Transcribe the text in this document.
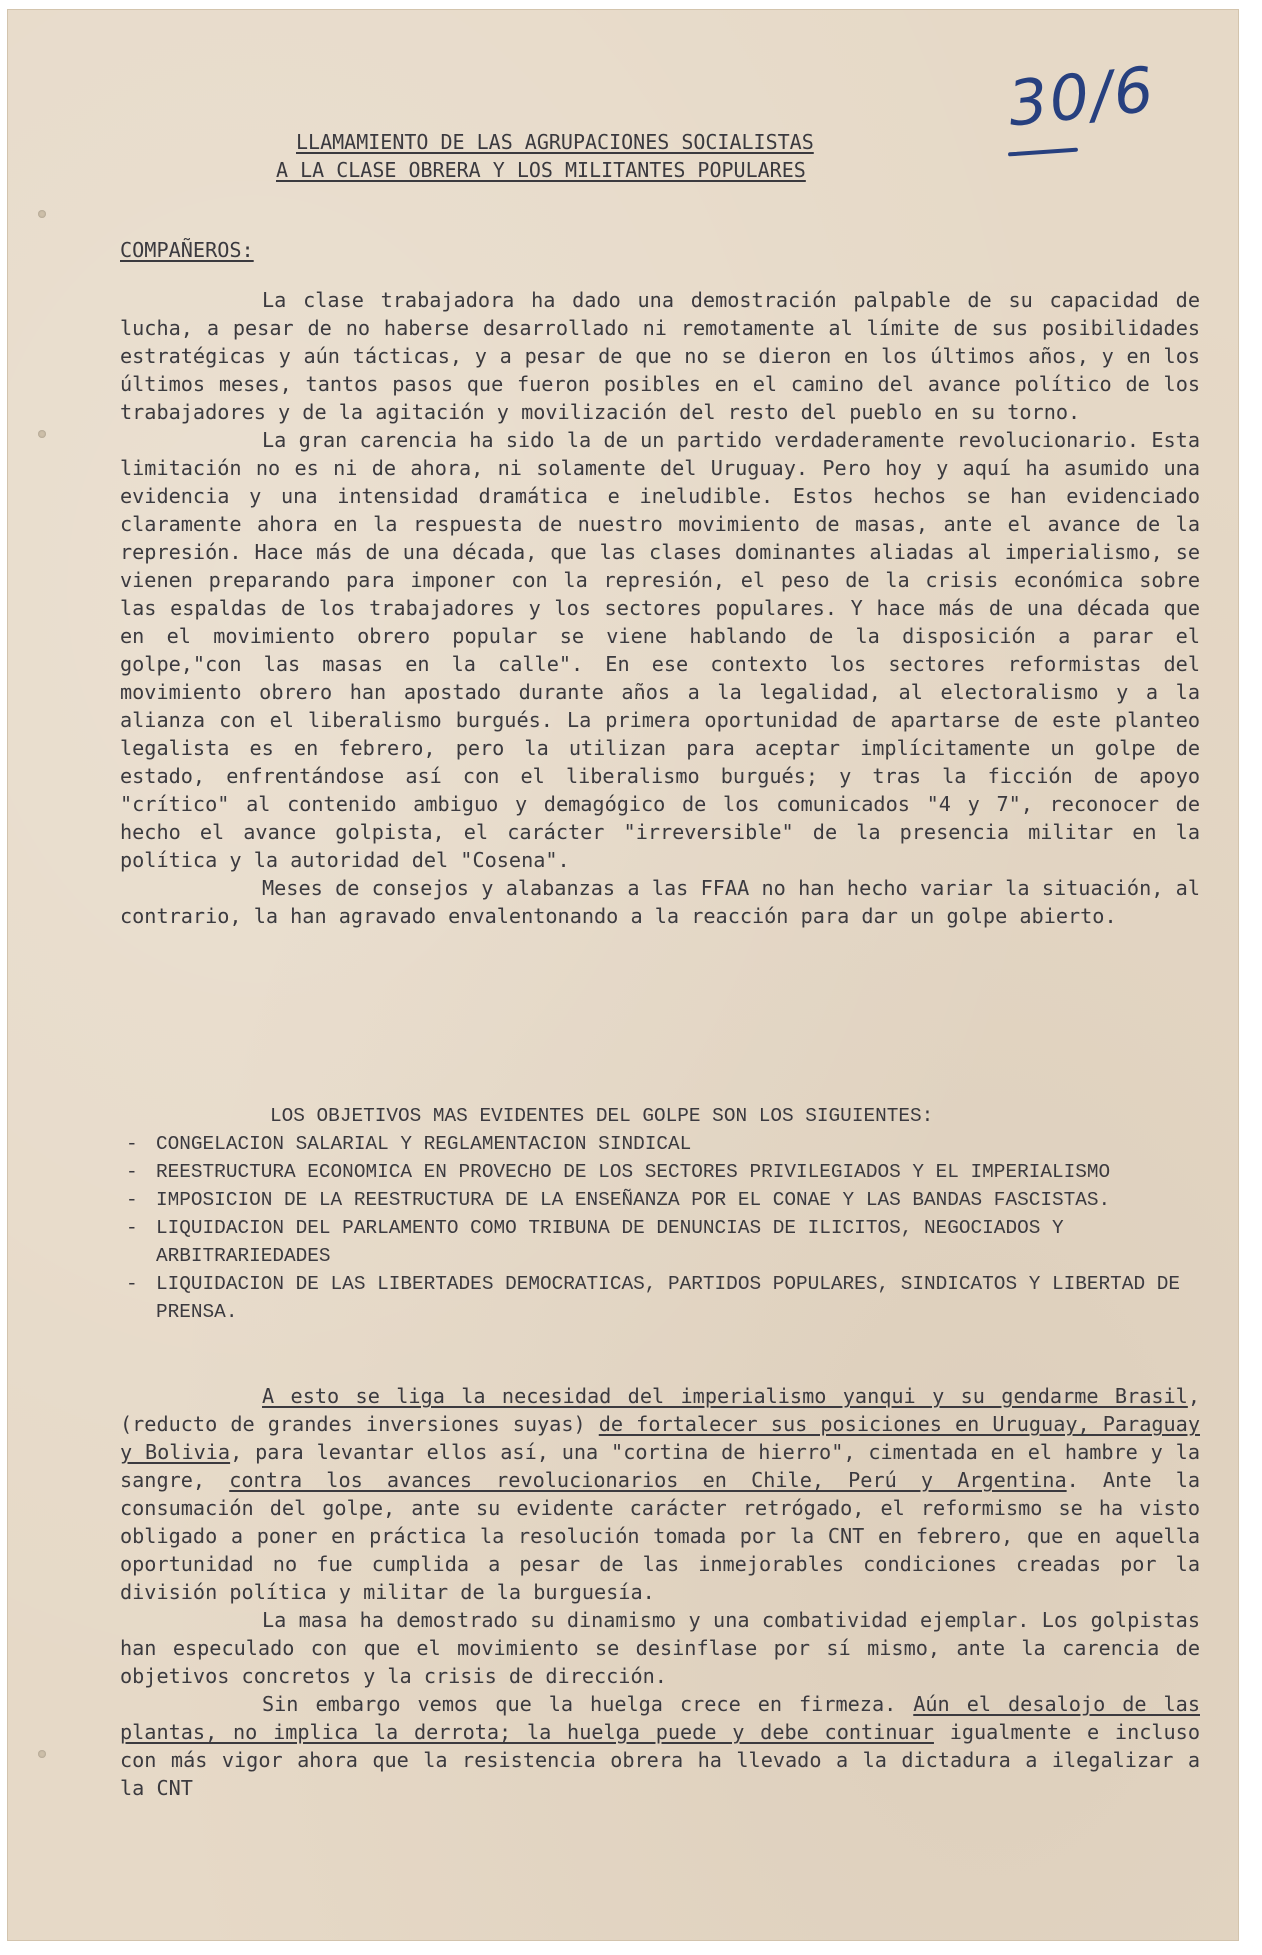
30/6
LLAMAMIENTO DE LAS AGRUPACIONES SOCIALISTAS
A LA CLASE OBRERA Y LOS MILITANTES POPULARES
COMPAÑEROS:

La clase trabajadora ha dado una demostración palpable de su capacidad de lucha, a pesar de no haberse desarrollado ni remotamente al límite de sus posibilidades estratégicas y aún tácticas, y a pesar de que no se dieron en los últimos años, y en los últimos meses, tantos pasos que fueron posibles en el camino del avance político de los trabajadores y de la agitación y movilización del resto del pueblo en su torno.

La gran carencia ha sido la de un partido verdaderamente revolucionario. Esta limitación no es ni de ahora, ni solamente del Uruguay. Pero hoy y aquí ha asumido una evidencia y una intensidad dramática e ineludible. Estos hechos se han evidenciado claramente ahora en la respuesta de nuestro movimiento de masas, ante el avance de la represión. Hace más de una década, que las clases dominantes aliadas al imperialismo, se vienen preparando para imponer con la represión, el peso de la crisis económica sobre las espaldas de los trabajadores y los sectores populares. Y hace más de una década que en el movimiento obrero popular se viene hablando de la disposición a parar el golpe,"con las masas en la calle". En ese contexto los sectores reformistas del movimiento obrero han apostado durante años a la legalidad, al electoralismo y a la alianza con el liberalismo burgués. La primera oportunidad de apartarse de este planteo legalista es en febrero, pero la utilizan para aceptar implícitamente un golpe de estado, enfrentándose así con el liberalismo burgués; y tras la ficción de apoyo "crítico" al contenido ambiguo y demagógico de los comunicados "4 y 7", reconocer de hecho el avance golpista, el carácter "irreversible" de la presencia militar en la política y la autoridad del "Cosena".

Meses de consejos y alabanzas a las FFAA no han hecho variar la situación, al contrario, la han agravado envalentonando a la reacción para dar un golpe abierto.

LOS OBJETIVOS MAS EVIDENTES DEL GOLPE SON LOS SIGUIENTES:
- CONGELACION SALARIAL Y REGLAMENTACION SINDICAL
- REESTRUCTURA ECONOMICA EN PROVECHO DE LOS SECTORES PRIVILEGIADOS Y EL IMPERIALISMO
- IMPOSICION DE LA REESTRUCTURA DE LA ENSEÑANZA POR EL CONAE Y LAS BANDAS FASCISTAS.
- LIQUIDACION DEL PARLAMENTO COMO TRIBUNA DE DENUNCIAS DE ILICITOS, NEGOCIADOS Y ARBITRARIEDADES
- LIQUIDACION DE LAS LIBERTADES DEMOCRATICAS, PARTIDOS POPULARES, SINDICATOS Y LIBERTAD DE PRENSA.

A esto se liga la necesidad del imperialismo yanqui y su gendarme Brasil, (reducto de grandes inversiones suyas) de fortalecer sus posiciones en Uruguay, Paraguay y Bolivia, para levantar ellos así, una "cortina de hierro", cimentada en el hambre y la sangre, contra los avances revolucionarios en Chile, Perú y Argentina. Ante la consumación del golpe, ante su evidente carácter retrógado, el reformismo se ha visto obligado a poner en práctica la resolución tomada por la CNT en febrero, que en aquella oportunidad no fue cumplida a pesar de las inmejorables condiciones creadas por la división política y militar de la burguesía.

La masa ha demostrado su dinamismo y una combatividad ejemplar. Los golpistas han especulado con que el movimiento se desinflase por sí mismo, ante la carencia de objetivos concretos y la crisis de dirección.

Sin embargo vemos que la huelga crece en firmeza. Aún el desalojo de las plantas, no implica la derrota; la huelga puede y debe continuar igualmente e incluso con más vigor ahora que la resistencia obrera ha llevado a la dictadura a ilegalizar a la CNT
